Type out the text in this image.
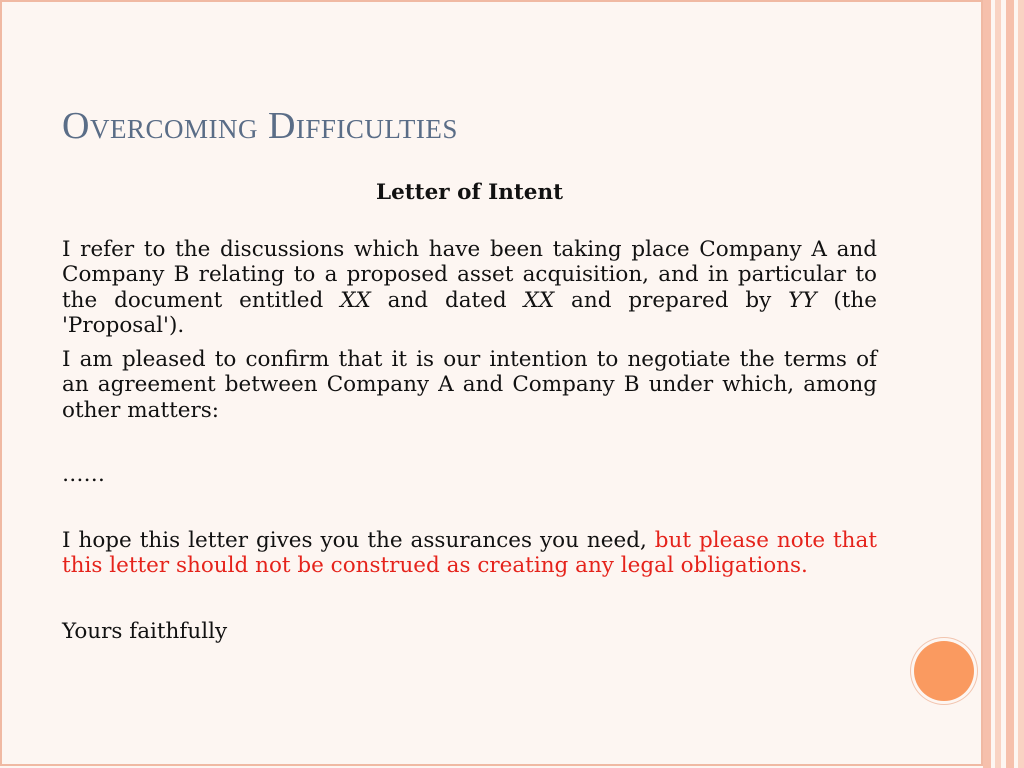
Overcoming Difficulties

Letter of Intent

I refer to the discussions which have been taking place Company A and Company B relating to a proposed asset acquisition, and in particular to the document entitled XX and dated XX and prepared by YY (the 'Proposal').

I am pleased to confirm that it is our intention to negotiate the terms of an agreement between Company A and Company B under which, among other matters:

……

I hope this letter gives you the assurances you need, but please note that this letter should not be construed as creating any legal obligations.

Yours faithfully
